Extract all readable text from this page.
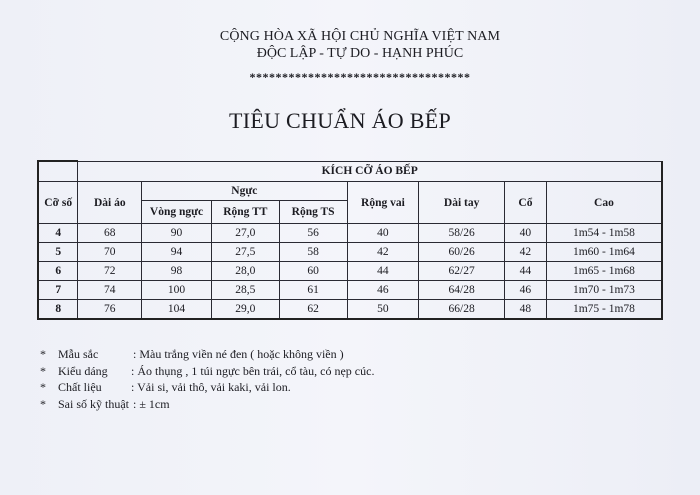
CỘNG HÒA XÃ HỘI CHỦ NGHĨA VIỆT NAM
ĐỘC LẬP - TỰ DO - HẠNH PHÚC
**********************************
TIÊU CHUẨN ÁO BẾP
	KÍCH CỠ ÁO BẾP							
Cỡ số	Dài áo	Ngực			Rộng vai	Dài tay	Cổ	Cao
		Vòng ngực	Rộng TT	Rộng TS				
4	68	90	27,0	56	40	58/26	40	1m54 - 1m58
5	70	94	27,5	58	42	60/26	42	1m60 - 1m64
6	72	98	28,0	60	44	62/27	44	1m65 - 1m68
7	74	100	28,5	61	46	64/28	46	1m70 - 1m73
8	76	104	29,0	62	50	66/28	48	1m75 - 1m78
* Mẫu sắc	: Màu trắng viền né đen ( hoặc không viền )
* Kiểu dáng : Áo thụng , 1 túi ngực bên trái, cổ tàu, có nẹp cúc.
* Chất liệu : Vải si, vải thô, vải kaki, vải lon.
* Sai số kỹ thuật : ± 1cm
